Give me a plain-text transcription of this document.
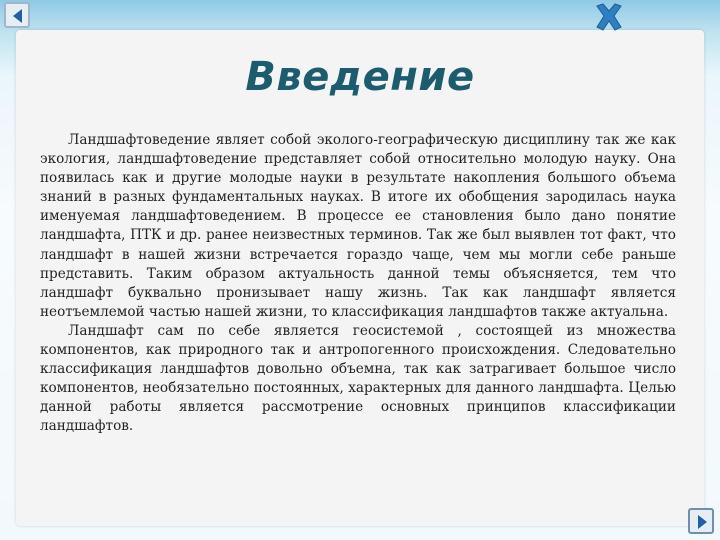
Введение

Ландшафтоведение являет собой эколого-географическую дисциплину так же как экология, ландшафтоведение представляет собой относительно молодую науку. Она появилась как и другие молодые науки в результате накопления большого объема знаний в разных фундаментальных науках. В итоге их обобщения зародилась наука именуемая ландшафтоведением. В процессе ее становления было дано понятие ландшафта, ПТК и др. ранее неизвестных терминов. Так же был выявлен тот факт, что ландшафт в нашей жизни встречается гораздо чаще, чем мы могли себе раньше представить. Таким образом актуальность данной темы объясняется, тем что ландшафт буквально пронизывает нашу жизнь. Так как ландшафт является неотъемлемой частью нашей жизни, то классификация ландшафтов также актуальна.

Ландшафт сам по себе является геосистемой , состоящей из множества компонентов, как природного так и антропогенного происхождения. Следовательно классификация ландшафтов довольно объемна, так как затрагивает большое число компонентов, необязательно постоянных, характерных для данного ландшафта. Целью данной работы является рассмотрение основных принципов классификации ландшафтов.
